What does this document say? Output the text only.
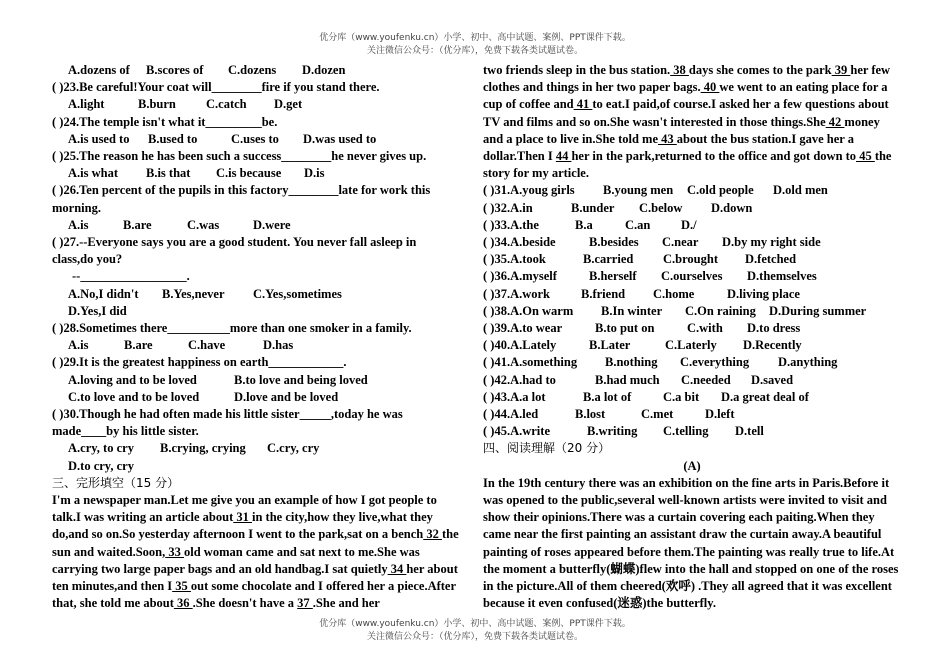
优分库（www.youfenku.cn）小学、初中、高中试题、案例、PPT课件下载。
关注微信公众号：（优分库），免费下载各类试题试卷。
A.dozens of B.scores of C.dozens D.dozen
( )23.Be careful!Your coat will________fire if you stand there.
A.light	B.burn C.catch D.get
( )24.The temple isn't what it_________be.
A.is used to B.used to	C.uses to D.was used to
( )25.The reason he has been such a success________he never gives up.
A.is what B.is that C.is because D.is
( )26.Ten percent of the pupils in this factory________late for work this
morning.
A.is	B.are	C.was	D.were
( )27.--Everyone says you are a good student. You never fall asleep in
class,do you?
--_________________.
A.No,I didn't B.Yes,never C.Yes,sometimes
D.Yes,I did
( )28.Sometimes there__________more than one smoker in a family.
A.is	B.are	C.have	D.has
( )29.It is the greatest happiness on earth____________.
A.loving and to be loved	B.to love and being loved
C.to love and to be loved	D.love and be loved
( )30.Though he had often made his little sister_____,today he was
made____by his little sister.
A.cry, to cry B.crying, crying C.cry, cry
D.to cry, cry
三、完形填空（15 分）
I'm a newspaper man.Let me give you an example of how I got people to talk.I was writing an article about 31 in the city,how they live,what they do,and so on.So yesterday afternoon I went to the park,sat on a bench 32 the sun and waited.Soon, 33 old woman came and sat next to me.She was carrying two large paper bags and an old handbag.I sat quietly 34 her about ten minutes,and then I 35 out some chocolate and I offered her a piece.After that, she told me about 36 .She doesn't have a 37 .She and her
two friends sleep in the bus station. 38 days she comes to the park 39 her few clothes and things in her two paper bags. 40 we went to an eating place for a cup of coffee and 41 to eat.I paid,of course.I asked her a few questions about TV and films and so on.She wasn't interested in those things.She 42 money and a place to live in.She told me 43 about the bus station.I gave her a dollar.Then I 44 her in the park,returned to the office and got down to 45 the story for my article.
( )31.A.youg girls B.young men C.old people D.old men
( )32.A.in	B.under C.below D.down
( )33.A.the	B.a	C.an D./
( )34.A.beside	B.besides C.near D.by my right side
( )35.A.took	B.carried C.brought D.fetched
( )36.A.myself	B.herself C.ourselves D.themselves
( )37.A.work B.friend C.home	D.living place
( )38.A.On warm B.In winter C.On raining D.During summer
( )39.A.to wear	B.to put on	C.with D.to dress
( )40.A.Lately	B.Later	C.Laterly D.Recently
( )41.A.something B.nothing C.everything D.anything
( )42.A.had to	B.had much C.needed D.saved
( )43.A.a lot	B.a lot of	C.a bit D.a great deal of
( )44.A.led	B.lost	C.met	D.left
( )45.A.write	B.writing C.telling D.tell
四、阅读理解（20 分）
(A)
In the 19th century there was an exhibition on the fine arts in Paris.Before it was opened to the public,several well-known artists were invited to visit and show their opinions.There was a curtain covering each paiting.When they came near the first painting an assistant draw the curtain away.A beautiful painting of roses appeared before them.The painting was really true to life.At the moment a butterfly(蝴蝶)flew into the hall and stopped on one of the roses in the picture.All of them cheered(欢呼) .They all agreed that it was excellent because it even confused(迷惑)the butterfly.
优分库（www.youfenku.cn）小学、初中、高中试题、案例、PPT课件下载。
关注微信公众号：（优分库），免费下载各类试题试卷。
